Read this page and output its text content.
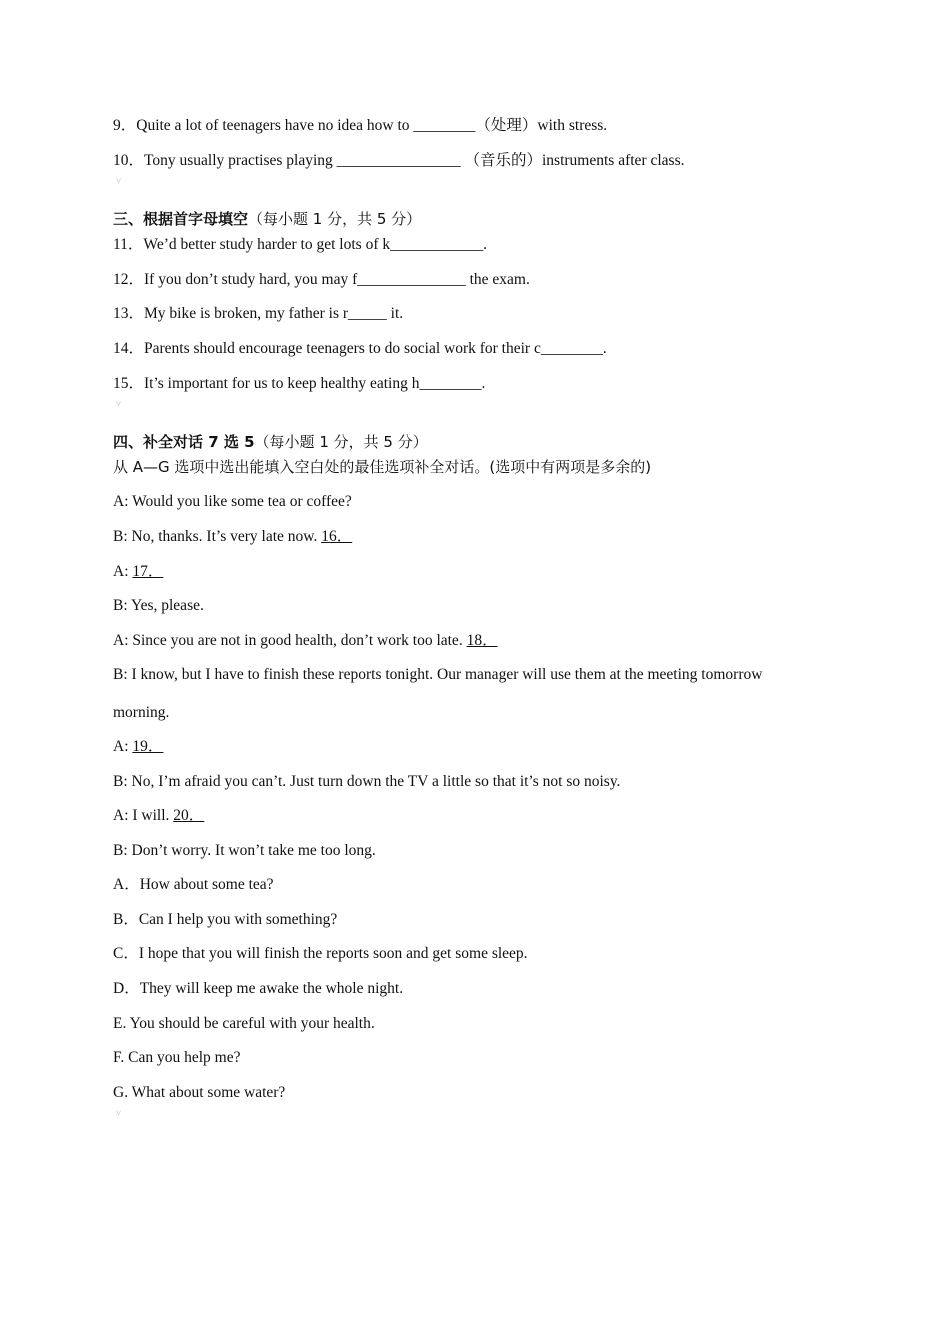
9．Quite a lot of teenagers have no idea how to ________（处理）with stress.
10．Tony usually practises playing ________________ （音乐的）instruments after class.
˅
三、根据首字母填空（每小题 1 分，共 5 分）
11．We’d better study harder to get lots of k____________.
12．If you don’t study hard, you may f______________ the exam.
13．My bike is broken, my father is r_____ it.
14．Parents should encourage teenagers to do social work for their c________.
15．It’s important for us to keep healthy eating h________.
˅
四、补全对话 7 选 5（每小题 1 分，共 5 分）
从 A—G 选项中选出能填入空白处的最佳选项补全对话。(选项中有两项是多余的)
A: Would you like some tea or coffee?
B: No, thanks. It’s very late now. 16．
A: 17．
B: Yes, please.
A: Since you are not in good health, don’t work too late. 18．
B: I know, but I have to finish these reports tonight. Our manager will use them at the meeting tomorrow
morning.
A: 19．
B: No, I’m afraid you can’t. Just turn down the TV a little so that it’s not so noisy.
A: I will. 20．
B: Don’t worry. It won’t take me too long.
A．How about some tea?
B．Can I help you with something?
C．I hope that you will finish the reports soon and get some sleep.
D．They will keep me awake the whole night.
E. You should be careful with your health.
F. Can you help me?
G. What about some water?
˅
